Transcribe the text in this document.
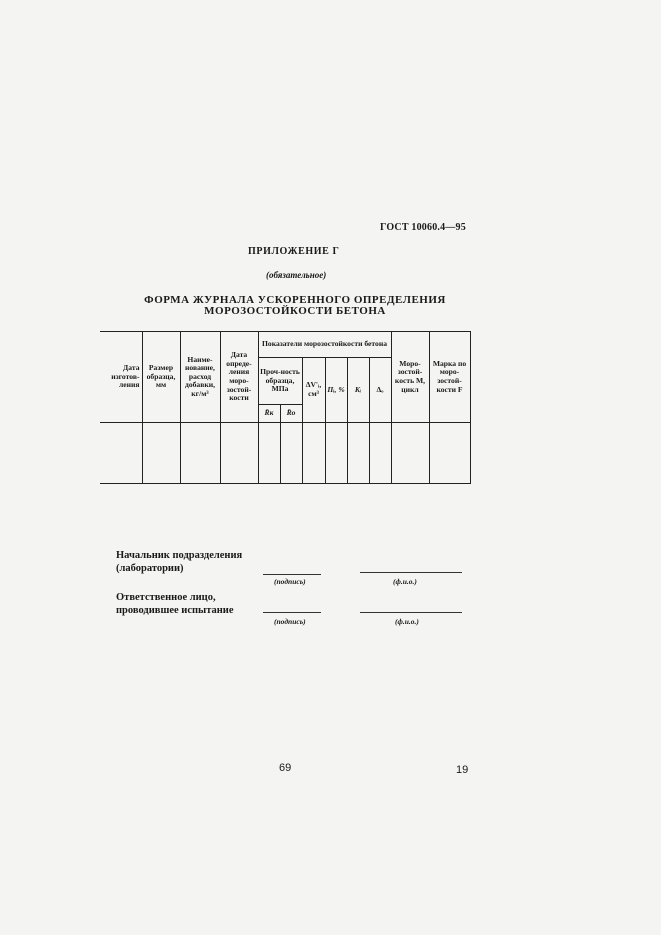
ГОСТ 10060.4—95
ПРИЛОЖЕНИЕ Г
(обязательное)
ФОРМА ЖУРНАЛА УСКОРЕННОГО ОПРЕДЕЛЕНИЯ
МОРОЗОСТОЙКОСТИ БЕТОНА
Дата изготов-ления	Размер образца, мм	Наиме-нование, расход добавки, кг/м³	Дата опреде-ления моро-зостой-кости	Показатели морозостойкости бетона						Моро-зостой-кость M, цикл	Марка по моро-зостой-кости F
				Проч-ность образца, МПа		ΔV'ᵢ, см³	Пᵢ, %	Kᵢ	Δₒ		
				R̄к	R̄о						

Начальник подразделения
(лаборатории)
(подпись)	(ф.и.о.)
Ответственное лицо,
проводившее испытание
(подпись)	(ф.и.о.)
69	19
